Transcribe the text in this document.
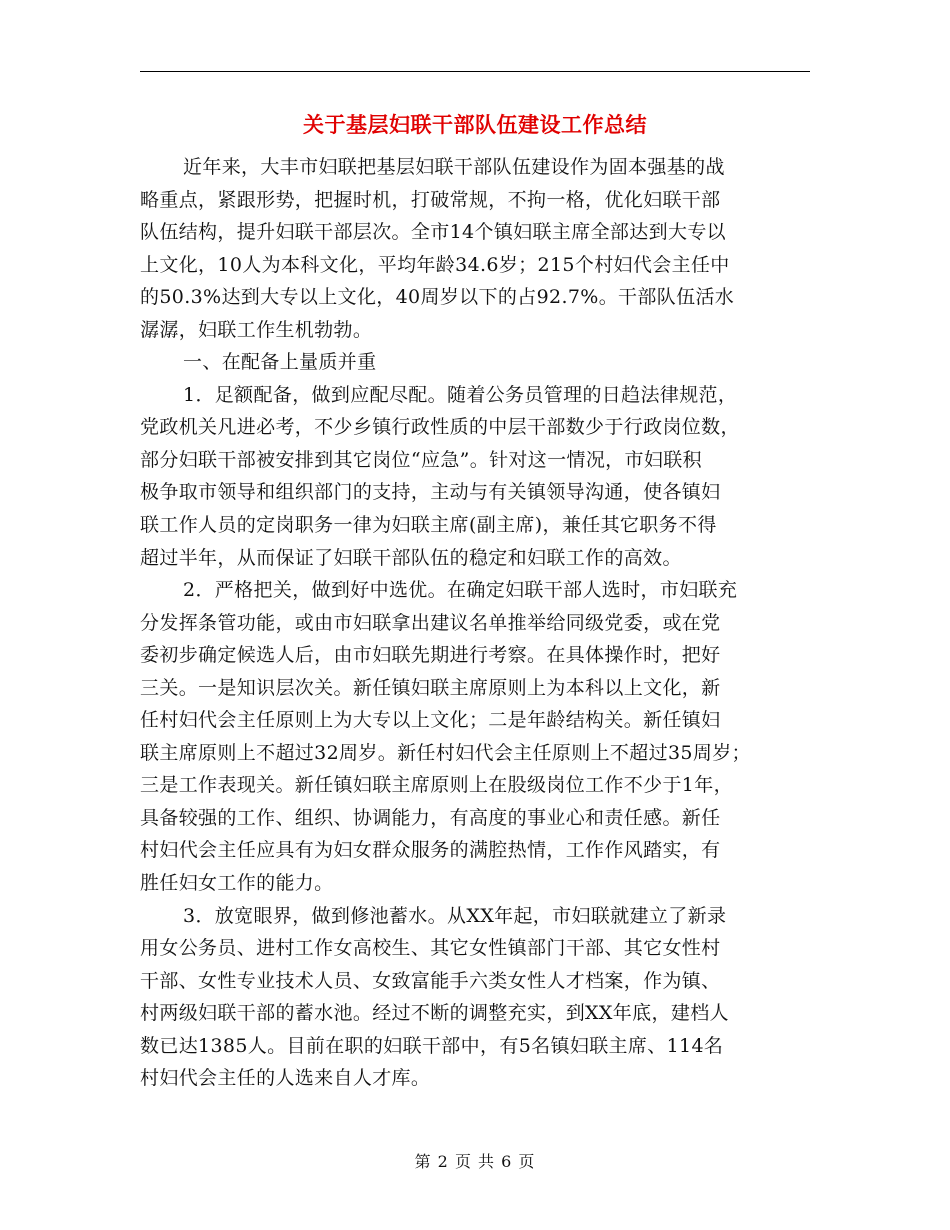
关于基层妇联干部队伍建设工作总结
近年来，大丰市妇联把基层妇联干部队伍建设作为固本强基的战
略重点，紧跟形势，把握时机，打破常规，不拘一格，优化妇联干部
队伍结构，提升妇联干部层次。全市14个镇妇联主席全部达到大专以
上文化，10人为本科文化，平均年龄34.6岁；215个村妇代会主任中
的50.3%达到大专以上文化，40周岁以下的占92.7%。干部队伍活水
潺潺，妇联工作生机勃勃。
一、在配备上量质并重
1．足额配备，做到应配尽配。随着公务员管理的日趋法律规范，
党政机关凡进必考，不少乡镇行政性质的中层干部数少于行政岗位数，
部分妇联干部被安排到其它岗位“应急”。针对这一情况，市妇联积
极争取市领导和组织部门的支持，主动与有关镇领导沟通，使各镇妇
联工作人员的定岗职务一律为妇联主席(副主席)，兼任其它职务不得
超过半年，从而保证了妇联干部队伍的稳定和妇联工作的高效。
2．严格把关，做到好中选优。在确定妇联干部人选时，市妇联充
分发挥条管功能，或由市妇联拿出建议名单推举给同级党委，或在党
委初步确定候选人后，由市妇联先期进行考察。在具体操作时，把好
三关。一是知识层次关。新任镇妇联主席原则上为本科以上文化，新
任村妇代会主任原则上为大专以上文化；二是年龄结构关。新任镇妇
联主席原则上不超过32周岁。新任村妇代会主任原则上不超过35周岁；
三是工作表现关。新任镇妇联主席原则上在股级岗位工作不少于1年，
具备较强的工作、组织、协调能力，有高度的事业心和责任感。新任
村妇代会主任应具有为妇女群众服务的满腔热情，工作作风踏实，有
胜任妇女工作的能力。
3．放宽眼界，做到修池蓄水。从XX年起，市妇联就建立了新录
用女公务员、进村工作女高校生、其它女性镇部门干部、其它女性村
干部、女性专业技术人员、女致富能手六类女性人才档案，作为镇、
村两级妇联干部的蓄水池。经过不断的调整充实，到XX年底，建档人
数已达1385人。目前在职的妇联干部中，有5名镇妇联主席、114名
村妇代会主任的人选来自人才库。
第 2 页 共 6 页
